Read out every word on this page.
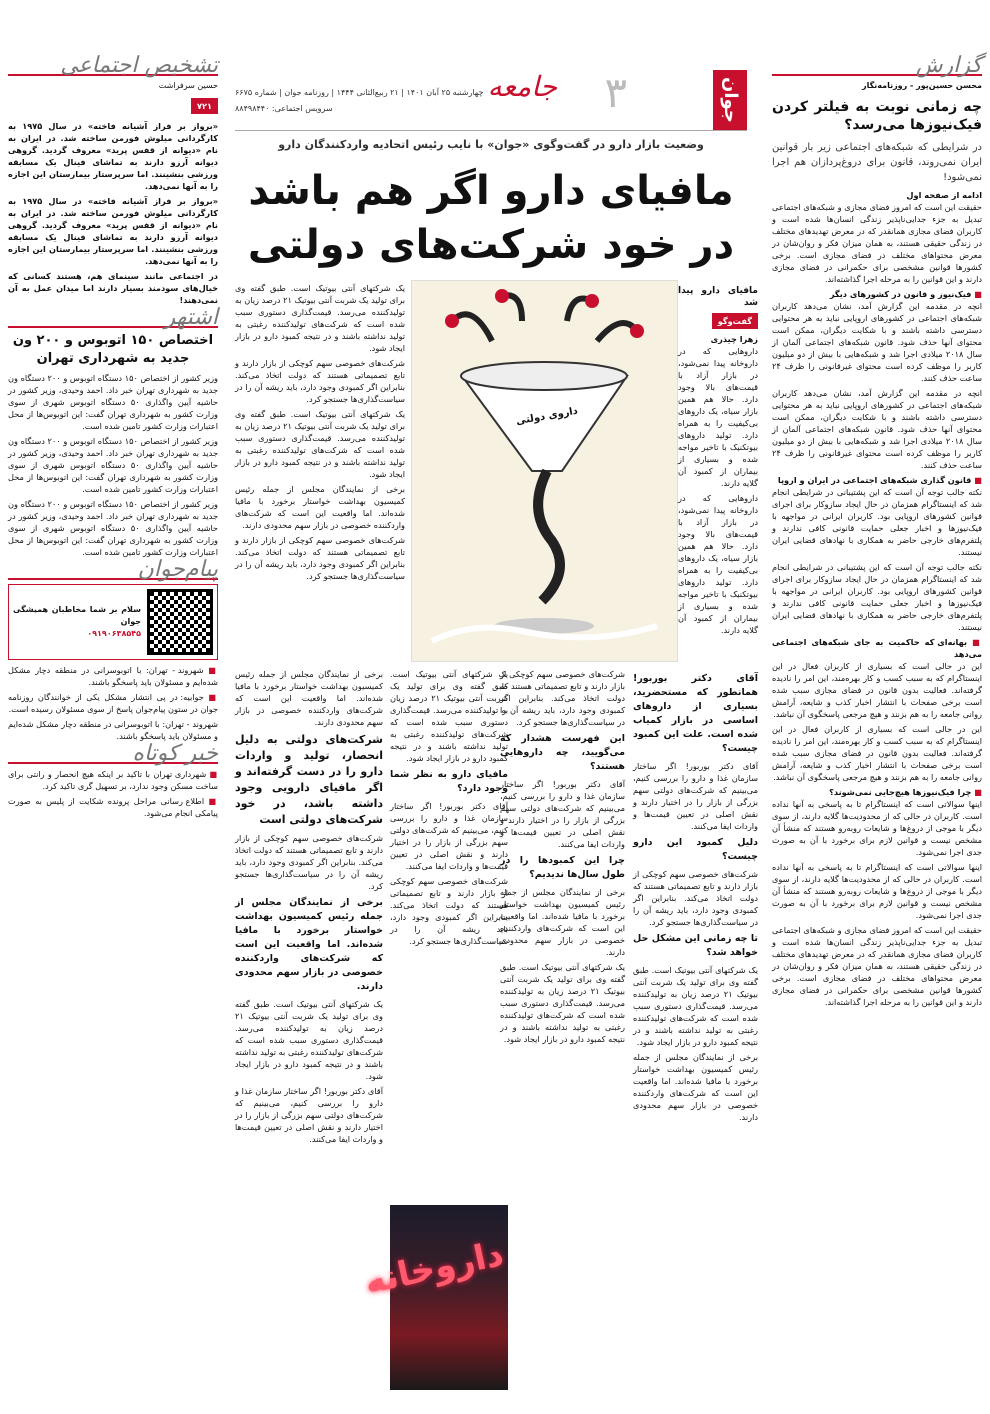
گزارش
محسن حسین‌پور - روزنامه‌نگار
چه زمانی نوبت به فیلتر کردن فیک‌نیوزها می‌رسد؟
در شرایطی که شبکه‌های اجتماعی زیر بار قوانین ایران نمی‌روند، قانون برای دروغ‌پردازان هم اجرا نمی‌شود!
ادامه از صفحه اول

حقیقت این است که امروز فضای مجازی و شبکه‌های اجتماعی تبدیل به جزء جدایی‌ناپذیر زندگی انسان‌ها شده است و کاربران فضای مجازی همانقدر که در معرض تهدیدهای مختلف در زندگی حقیقی هستند، به همان میزان فکر و روان‌شان در معرض محتواهای مختلف در فضای مجازی است. برخی کشورها قوانین مشخصی برای حکمرانی در فضای مجازی دارند و این قوانین را به مرحله اجرا گذاشته‌اند.

■ فیک‌نیوز و قانون در کشورهای دیگر

انچه در مقدمه این گزارش آمد، نشان می‌دهد کاربران شبکه‌های اجتماعی در کشورهای اروپایی نباید به هر محتوایی دسترسی داشته باشند و با شکایت دیگران، ممکن است محتوای آنها حذف شود. قانون شبکه‌های اجتماعی آلمان از سال ۲۰۱۸ میلادی اجرا شد و شبکه‌هایی با بیش از دو میلیون کاربر را موظف کرده است محتوای غیرقانونی را ظرف ۲۴ ساعت حذف کنند.

انچه در مقدمه این گزارش آمد، نشان می‌دهد کاربران شبکه‌های اجتماعی در کشورهای اروپایی نباید به هر محتوایی دسترسی داشته باشند و با شکایت دیگران، ممکن است محتوای آنها حذف شود. قانون شبکه‌های اجتماعی آلمان از سال ۲۰۱۸ میلادی اجرا شد و شبکه‌هایی با بیش از دو میلیون کاربر را موظف کرده است محتوای غیرقانونی را ظرف ۲۴ ساعت حذف کنند.

■ قانون گذاری شبکه‌های اجتماعی در ایران و اروپا

نکته جالب توجه آن است که این پشتیبانی در شرایطی انجام شد که اینستاگرام همزمان در حال ایجاد سازوکار برای اجرای قوانین کشورهای اروپایی بود. کاربران ایرانی در مواجهه با فیک‌نیوزها و اخبار جعلی حمایت قانونی کافی ندارند و پلتفرم‌های خارجی حاضر به همکاری با نهادهای قضایی ایران نیستند.

نکته جالب توجه آن است که این پشتیبانی در شرایطی انجام شد که اینستاگرام همزمان در حال ایجاد سازوکار برای اجرای قوانین کشورهای اروپایی بود. کاربران ایرانی در مواجهه با فیک‌نیوزها و اخبار جعلی حمایت قانونی کافی ندارند و پلتفرم‌های خارجی حاضر به همکاری با نهادهای قضایی ایران نیستند.

■ بهانه‌ای که حاکمیت به جای شبکه‌های اجتماعی می‌دهد

این در حالی است که بسیاری از کاربران فعال در این اینستاگرام که به سبب کسب و کار بهره‌مند، این امر را نادیده گرفته‌اند. فعالیت بدون قانون در فضای مجازی سبب شده است برخی صفحات با انتشار اخبار کذب و شایعه، آرامش روانی جامعه را به هم بزنند و هیچ مرجعی پاسخگوی آن نباشد.

این در حالی است که بسیاری از کاربران فعال در این اینستاگرام که به سبب کسب و کار بهره‌مند، این امر را نادیده گرفته‌اند. فعالیت بدون قانون در فضای مجازی سبب شده است برخی صفحات با انتشار اخبار کذب و شایعه، آرامش روانی جامعه را به هم بزنند و هیچ مرجعی پاسخگوی آن نباشد.

■ چرا فیک‌نیوزها هیچ‌جایی نمی‌شوند؟

اینها سوالاتی است که اینستاگرام تا به پاسخی به آنها نداده است. کاربران در حالی که از محدودیت‌ها گلایه دارند، از سوی دیگر با موجی از دروغ‌ها و شایعات روبه‌رو هستند که منشأ آن مشخص نیست و قوانین لازم برای برخورد با آن به صورت جدی اجرا نمی‌شود.

اینها سوالاتی است که اینستاگرام تا به پاسخی به آنها نداده است. کاربران در حالی که از محدودیت‌ها گلایه دارند، از سوی دیگر با موجی از دروغ‌ها و شایعات روبه‌رو هستند که منشأ آن مشخص نیست و قوانین لازم برای برخورد با آن به صورت جدی اجرا نمی‌شود.

حقیقت این است که امروز فضای مجازی و شبکه‌های اجتماعی تبدیل به جزء جدایی‌ناپذیر زندگی انسان‌ها شده است و کاربران فضای مجازی همانقدر که در معرض تهدیدهای مختلف در زندگی حقیقی هستند، به همان میزان فکر و روان‌شان در معرض محتواهای مختلف در فضای مجازی است. برخی کشورها قوانین مشخصی برای حکمرانی در فضای مجازی دارند و این قوانین را به مرحله اجرا گذاشته‌اند.

جوان
۳
جامعه
چهارشنبه ۲۵ آبان ۱۴۰۱ | ۲۱ ربیع‌الثانی ۱۴۴۴ | روزنامه جوان | شماره ۶۶۷۵
سرویس اجتماعی: ۸۸۴۹۸۴۴۰
وضعیت بازار دارو در گفت‌وگوی «جوان» با نایب رئیس اتحادیه واردکنندگان دارو
مافیای دارو اگر هم باشد در خود شرکت‌های دولتی
داروی دولتی
مافیای دارو پیدا شد
گفت‌وگو
زهرا چیذری

داروهایی که در داروخانه پیدا نمی‌شود، در بازار آزاد با قیمت‌های بالا وجود دارد. حالا هم همین بازار سیاه، یک داروهای بی‌کیفیت را به همراه دارد. تولید داروهای بیوتکنیک با تاخیر مواجه شده و بسیاری از بیماران از کمبود آن گلایه دارند.

داروهایی که در داروخانه پیدا نمی‌شود، در بازار آزاد با قیمت‌های بالا وجود دارد. حالا هم همین بازار سیاه، یک داروهای بی‌کیفیت را به همراه دارد. تولید داروهای بیوتکنیک با تاخیر مواجه شده و بسیاری از بیماران از کمبود آن گلایه دارند.

یک شرکتهای آنتی بیوتیک است. طبق گفته وی برای تولید یک شربت آنتی بیوتیک ۲۱ درصد زیان به تولیدکننده می‌رسد. قیمت‌گذاری دستوری سبب شده است که شرکت‌های تولیدکننده رغبتی به تولید نداشته باشند و در نتیجه کمبود دارو در بازار ایجاد شود.

شرکت‌های خصوصی سهم کوچکی از بازار دارند و تابع تصمیماتی هستند که دولت اتخاذ می‌کند. بنابراین اگر کمبودی وجود دارد، باید ریشه آن را در سیاست‌گذاری‌ها جستجو کرد.

یک شرکتهای آنتی بیوتیک است. طبق گفته وی برای تولید یک شربت آنتی بیوتیک ۲۱ درصد زیان به تولیدکننده می‌رسد. قیمت‌گذاری دستوری سبب شده است که شرکت‌های تولیدکننده رغبتی به تولید نداشته باشند و در نتیجه کمبود دارو در بازار ایجاد شود.

برخی از نمایندگان مجلس از جمله رئیس کمیسیون بهداشت خواستار برخورد با مافیا شده‌اند. اما واقعیت این است که شرکت‌های واردکننده خصوصی در بازار سهم محدودی دارند.

شرکت‌های خصوصی سهم کوچکی از بازار دارند و تابع تصمیماتی هستند که دولت اتخاذ می‌کند. بنابراین اگر کمبودی وجود دارد، باید ریشه آن را در سیاست‌گذاری‌ها جستجو کرد.

آقای دکتر بوربور! همانطور که مستحضرید، بسیاری از داروهای اساسی در بازار کمیاب شده است. علت این کمبود چیست؟

آقای دکتر بوربور! اگر ساختار سازمان غذا و دارو را بررسی کنیم، می‌بینیم که شرکت‌های دولتی سهم بزرگی از بازار را در اختیار دارند و نقش اصلی در تعیین قیمت‌ها و واردات ایفا می‌کنند.

دلیل کمبود این دارو چیست؟

شرکت‌های خصوصی سهم کوچکی از بازار دارند و تابع تصمیماتی هستند که دولت اتخاذ می‌کند. بنابراین اگر کمبودی وجود دارد، باید ریشه آن را در سیاست‌گذاری‌ها جستجو کرد.

تا چه زمانی این مشکل حل خواهد شد؟

یک شرکتهای آنتی بیوتیک است. طبق گفته وی برای تولید یک شربت آنتی بیوتیک ۲۱ درصد زیان به تولیدکننده می‌رسد. قیمت‌گذاری دستوری سبب شده است که شرکت‌های تولیدکننده رغبتی به تولید نداشته باشند و در نتیجه کمبود دارو در بازار ایجاد شود.

برخی از نمایندگان مجلس از جمله رئیس کمیسیون بهداشت خواستار برخورد با مافیا شده‌اند. اما واقعیت این است که شرکت‌های واردکننده خصوصی در بازار سهم محدودی دارند.

شرکت‌های خصوصی سهم کوچکی از بازار دارند و تابع تصمیماتی هستند که دولت اتخاذ می‌کند. بنابراین اگر کمبودی وجود دارد، باید ریشه آن را در سیاست‌گذاری‌ها جستجو کرد.

این فهرست هشدار که می‌گویید، چه داروهایی هستند؟

آقای دکتر بوربور! اگر ساختار سازمان غذا و دارو را بررسی کنیم، می‌بینیم که شرکت‌های دولتی سهم بزرگی از بازار را در اختیار دارند و نقش اصلی در تعیین قیمت‌ها و واردات ایفا می‌کنند.

چرا این کمبودها را در طول سال‌ها ندیدیم؟

برخی از نمایندگان مجلس از جمله رئیس کمیسیون بهداشت خواستار برخورد با مافیا شده‌اند. اما واقعیت این است که شرکت‌های واردکننده خصوصی در بازار سهم محدودی دارند.

یک شرکتهای آنتی بیوتیک است. طبق گفته وی برای تولید یک شربت آنتی بیوتیک ۲۱ درصد زیان به تولیدکننده می‌رسد. قیمت‌گذاری دستوری سبب شده است که شرکت‌های تولیدکننده رغبتی به تولید نداشته باشند و در نتیجه کمبود دارو در بازار ایجاد شود.

یک شرکتهای آنتی بیوتیک است. طبق گفته وی برای تولید یک شربت آنتی بیوتیک ۲۱ درصد زیان به تولیدکننده می‌رسد. قیمت‌گذاری دستوری سبب شده است که شرکت‌های تولیدکننده رغبتی به تولید نداشته باشند و در نتیجه کمبود دارو در بازار ایجاد شود.

مافیای دارو به نظر شما وجود دارد؟

آقای دکتر بوربور! اگر ساختار سازمان غذا و دارو را بررسی کنیم، می‌بینیم که شرکت‌های دولتی سهم بزرگی از بازار را در اختیار دارند و نقش اصلی در تعیین قیمت‌ها و واردات ایفا می‌کنند.

شرکت‌های خصوصی سهم کوچکی از بازار دارند و تابع تصمیماتی هستند که دولت اتخاذ می‌کند. بنابراین اگر کمبودی وجود دارد، باید ریشه آن را در سیاست‌گذاری‌ها جستجو کرد.

داروخانه

برخی از نمایندگان مجلس از جمله رئیس کمیسیون بهداشت خواستار برخورد با مافیا شده‌اند. اما واقعیت این است که شرکت‌های واردکننده خصوصی در بازار سهم محدودی دارند.

شرکت‌های دولتی به دلیل انحصار، تولید و واردات دارو را در دست گرفته‌اند و اگر مافیای دارویی وجود داشته باشد، در خود شرکت‌های دولتی است

شرکت‌های خصوصی سهم کوچکی از بازار دارند و تابع تصمیماتی هستند که دولت اتخاذ می‌کند. بنابراین اگر کمبودی وجود دارد، باید ریشه آن را در سیاست‌گذاری‌ها جستجو کرد.

برخی از نمایندگان مجلس از جمله رئیس کمیسیون بهداشت خواستار برخورد با مافیا شده‌اند. اما واقعیت این است که شرکت‌های واردکننده خصوصی در بازار سهم محدودی دارند.

یک شرکتهای آنتی بیوتیک است. طبق گفته وی برای تولید یک شربت آنتی بیوتیک ۲۱ درصد زیان به تولیدکننده می‌رسد. قیمت‌گذاری دستوری سبب شده است که شرکت‌های تولیدکننده رغبتی به تولید نداشته باشند و در نتیجه کمبود دارو در بازار ایجاد شود.

آقای دکتر بوربور! اگر ساختار سازمان غذا و دارو را بررسی کنیم، می‌بینیم که شرکت‌های دولتی سهم بزرگی از بازار را در اختیار دارند و نقش اصلی در تعیین قیمت‌ها و واردات ایفا می‌کنند.

تشخیص اجتماعی
حسین سرفراشت
۷۲۱

«برواز بر فراز آشیانه فاخته» در سال ۱۹۷۵ به کارگردانی میلوش فورمن ساخته شد. در ایران به نام «دیوانه از قفس پرید» معروف گردید. گروهی دیوانه آرزو دارند به تماشای فینال یک مسابقه ورزشی بنشینند. اما سرپرستار بیمارستان این اجازه را به آنها نمی‌دهد.

«برواز بر فراز آشیانه فاخته» در سال ۱۹۷۵ به کارگردانی میلوش فورمن ساخته شد. در ایران به نام «دیوانه از قفس پرید» معروف گردید. گروهی دیوانه آرزو دارند به تماشای فینال یک مسابقه ورزشی بنشینند. اما سرپرستار بیمارستان این اجازه را به آنها نمی‌دهد.

در اجتماعی مانند سینمای هم، هستند کسانی که خیال‌های سودمند بسیار دارند اما میدان عمل به آن نمی‌دهند!

اشتهر
اختصاص ۱۵۰ اتوبوس و ۲۰۰ ون جدید به شهرداری تهران

وزیر کشور از اختصاص ۱۵۰ دستگاه اتوبوس و ۲۰۰ دستگاه ون جدید به شهرداری تهران خبر داد. احمد وحیدی، وزیر کشور در حاشیه آیین واگذاری ۵۰ دستگاه اتوبوس شهری از سوی وزارت کشور به شهرداری تهران گفت: این اتوبوس‌ها از محل اعتبارات وزارت کشور تامین شده است.

وزیر کشور از اختصاص ۱۵۰ دستگاه اتوبوس و ۲۰۰ دستگاه ون جدید به شهرداری تهران خبر داد. احمد وحیدی، وزیر کشور در حاشیه آیین واگذاری ۵۰ دستگاه اتوبوس شهری از سوی وزارت کشور به شهرداری تهران گفت: این اتوبوس‌ها از محل اعتبارات وزارت کشور تامین شده است.

وزیر کشور از اختصاص ۱۵۰ دستگاه اتوبوس و ۲۰۰ دستگاه ون جدید به شهرداری تهران خبر داد. احمد وحیدی، وزیر کشور در حاشیه آیین واگذاری ۵۰ دستگاه اتوبوس شهری از سوی وزارت کشور به شهرداری تهران گفت: این اتوبوس‌ها از محل اعتبارات وزارت کشور تامین شده است.

پیام‌جوان
سلام بر شما مخاطبان همیشگی جوان
۰۹۱۹۰۶۳۸۵۴۵

■ شهروند - تهران: با اتوبوسرانی در منطقه دچار مشکل شده‌ایم و مسئولان باید پاسخگو باشند.

■ جوابیه: در پی انتشار مشکل یکی از خوانندگان روزنامه جوان در ستون پیام‌جوان پاسخ از سوی مسئولان رسیده است.

شهروند - تهران: با اتوبوسرانی در منطقه دچار مشکل شده‌ایم و مسئولان باید پاسخگو باشند.

خبر کوتاه

■ شهرداری تهران با تاکید بر اینکه هیچ انحصار و رانتی برای ساخت مسکن وجود ندارد، بر تسهیل گری تاکید کرد.

■ اطلاع رسانی مراحل پرونده شکایت از پلیس به صورت پیامکی انجام می‌شود.
